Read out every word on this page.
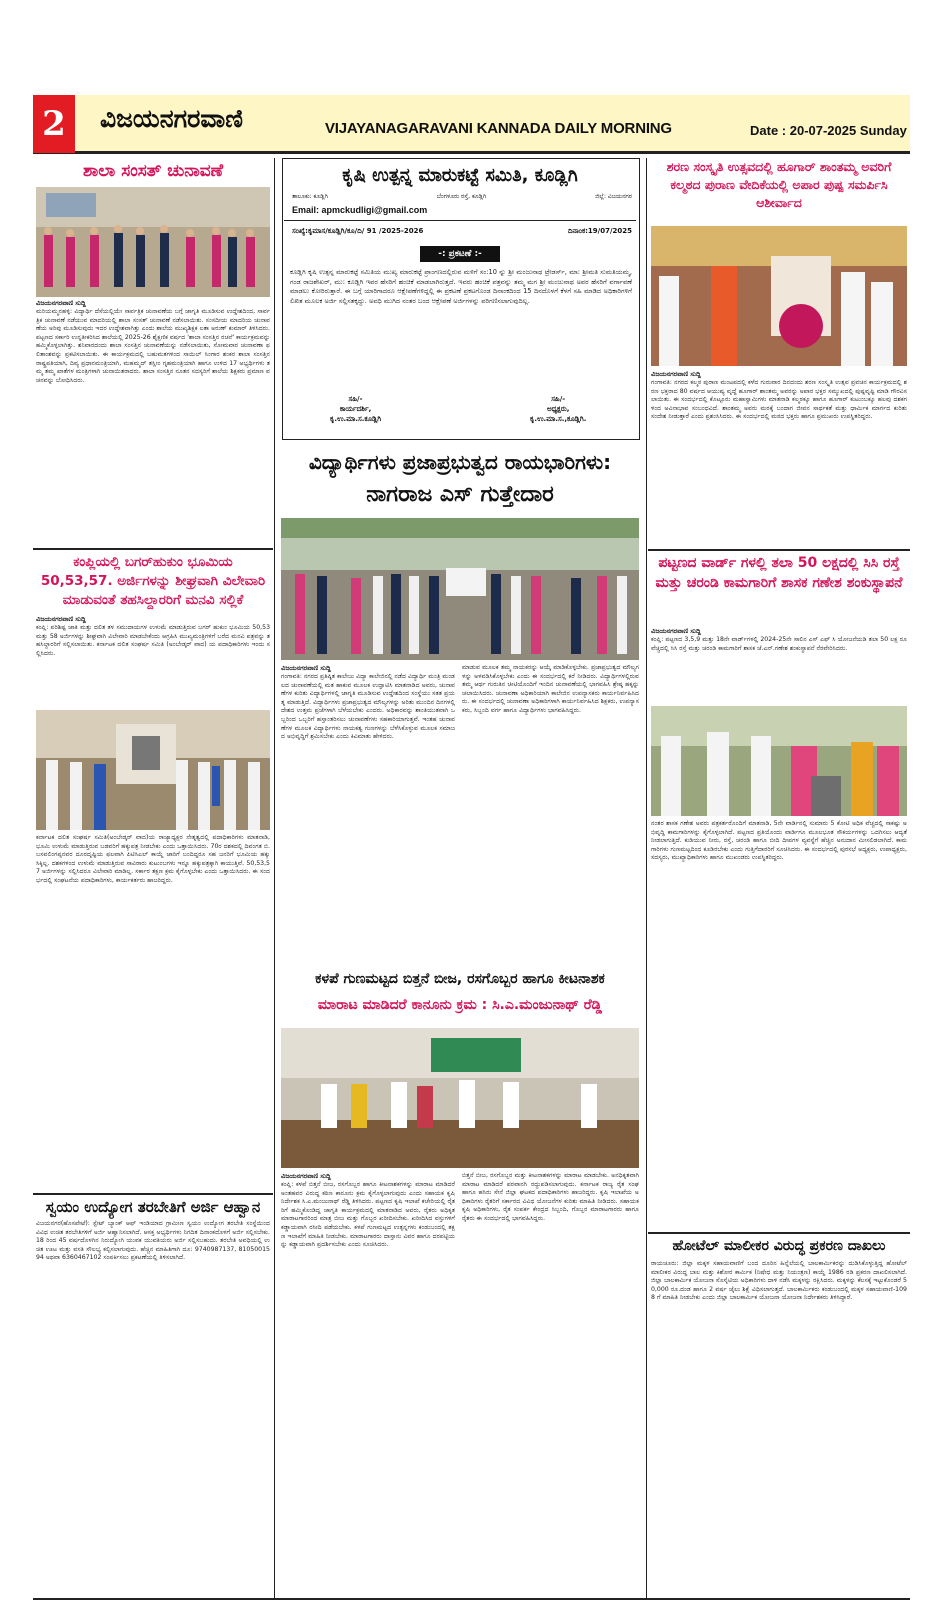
2	ವಿಜಯನಗರವಾಣಿ	VIJAYANAGARAVANI KANNADA DAILY MORNING	Date : 20-07-2025 Sunday
ಶಾಲಾ ಸಂಸತ್ ಚುನಾವಣೆ
ವಿಜಯನಗರವಾಣಿ ಸುದ್ದಿ
ಮರಿಯಮ್ಮನಹಳ್ಳಿ: ವಿದ್ಯಾರ್ಥಿ ದೆಸೆಯಲ್ಲಿಯೇ ಸಾರ್ವತ್ರಿಕ ಚುನಾವಣೆಯ ಬಗ್ಗೆ ಜಾಗೃತಿ ಮೂಡಿಸುವ ಉದ್ದೇಶದಿಂದ, ಸಾರ್ವತ್ರಿಕ ಚುನಾವಣೆ ನಡೆಯುವ ಮಾದರಿಯಲ್ಲಿ ಶಾಲಾ ಸಂಸತ್ ಚುನಾವಣೆ ನಡೆಸಲಾಯಿತು. ಸಂಸದೀಯ ಮಾದರಿಯ ಚುನಾವಣೆಯ ಅರಿವು ಮೂಡಿಸುವುದು ಇದರ ಉದ್ದೇಶವಾಗಿತ್ತು ಎಂದು ಶಾಲೆಯ ಮುಖ್ಯಶಿಕ್ಷಕ ಲತಾ ಅರುಣ್ ಕುಮಾರ್ ತಿಳಿಸಿದರು. ಪಟ್ಟಣದ ಸರ್ಕಾರಿ ಉನ್ನತೀಕರಿಸಿದ ಶಾಲೆಯಲ್ಲಿ 2025-26 ಶೈಕ್ಷಣಿಕ ವರ್ಷದ 'ಶಾಲಾ ಸಂಸತ್ತಿನ ರಚನೆ' ಕಾರ್ಯಕ್ರಮವನ್ನು ಹಮ್ಮಿಕೊಳ್ಳಲಾಗಿತ್ತು. ಶನಿವಾರದಂದು ಶಾಲಾ ಸಂಸತ್ತಿನ ಚುನಾವಣೆಯನ್ನು ನಡೆಸಲಾಯಿತು, ಸೋಮವಾರ ಚುನಾವಣಾ ಫಲಿತಾಂಶವನ್ನು ಪ್ರಕಟಿಸಲಾಯಿತು. ಈ ಕಾರ್ಯಕ್ರಮದಲ್ಲಿ ಬಹುಮತಗಳಿಂದ ಸಾಯಿಲ್ ಸಿಂಗಾರ ಶಂಕರ ಶಾಲಾ ಸಂಸತ್ತಿನ ರಾಷ್ಟ್ರಪತಿಯಾಗಿ, ದಿವ್ಯ ಪ್ರಧಾನಮಂತ್ರಿಯಾಗಿ, ಮಹಮ್ಮದ್ ತಸ್ಲೀಂ ಗೃಹಮಂತ್ರಿಯಾಗಿ ಹಾಗೂ ಉಳಿದ 17 ಅಭ್ಯರ್ಥಿಗಳು ತಮ್ಮ ತಮ್ಮ ಖಾತೆಗಳ ಮಂತ್ರಿಗಳಾಗಿ ಚುನಾಯಿತರಾದರು. ಶಾಲಾ ಸಂಸತ್ತಿನ ನೂತನ ಸದಸ್ಯರಿಗೆ ಶಾಲೆಯ ಶಿಕ್ಷಕರು ಪ್ರಮಾಣ ವಚನವನ್ನು ಬೋಧಿಸಿದರು.
ಕಂಪ್ಲಿಯಲ್ಲಿ ಬಗರ್‌ಹುಕುಂ ಭೂಮಿಯ 50,53,57. ಅರ್ಜಿಗಳನ್ನು ಶೀಘ್ರವಾಗಿ ವಿಲೇವಾರಿ ಮಾಡುವಂತೆ ತಹಸಿಲ್ದಾರರಿಗೆ ಮನವಿ ಸಲ್ಲಿಕೆ
ವಿಜಯನಗರವಾಣಿ ಸುದ್ದಿ
ಕಂಪ್ಲಿ: ಪರಿಶಿಷ್ಟ ಜಾತಿ ಮತ್ತು ದಲಿತ ತಳ ಸಮುದಾಯಗಳ ಉಳುಮೆ ಮಾಡುತ್ತಿರುವ ಬಗರ್ ಹುಕುಂ ಭೂಮಿಯ 50,53 ಮತ್ತು 58 ಅರ್ಜಿಗಳನ್ನು ಶೀಘ್ರವಾಗಿ ವಿಲೇವಾರಿ ಮಾಡಬೇಕೆಂದು ಆಗ್ರಹಿಸಿ ಮುಖ್ಯಮಂತ್ರಿಗಳಿಗೆ ಬರೆದ ಮನವಿ ಪತ್ರವನ್ನು ತಹಸಿಲ್ದಾರರಿಗೆ ಸಲ್ಲಿಸಲಾಯಿತು. ಕರ್ನಾಟಕ ದಲಿತ ಸಂಘರ್ಷ ಸಮಿತಿ (ಅಂಬೇಡ್ಕರ್ ವಾದ) ಯ ಪದಾಧಿಕಾರಿಗಳು ಇಂದು ಸಲ್ಲಿಸಿದರು.
ಕರ್ನಾಟಕ ದಲಿತ ಸಂಘರ್ಷ ಸಮಿತಿ(ಅಂಬೇಡ್ಕರ್ ವಾದ)ಯ ರಾಜ್ಯಾಧ್ಯಕ್ಷರ ನೇತೃತ್ವದಲ್ಲಿ ಪದಾಧಿಕಾರಿಗಳು ಮಾತನಾಡಿ, ಭೂಮಿ ಉಳುಮೆ ಮಾಡುತ್ತಿರುವ ಬಡವರಿಗೆ ಹಕ್ಕುಪತ್ರ ನೀಡಬೇಕು ಎಂದು ಒತ್ತಾಯಿಸಿದರು. 70ರ ದಶಕದಲ್ಲಿ ದಿವಂಗತ ಬಿ.ಬಸವಲಿಂಗಪ್ಪನವರ ದೂರದೃಷ್ಟಿಯ ಫಲವಾಗಿ ಪಿಟಿಸಿಎಲ್ ಕಾಯ್ದೆ ಜಾರಿಗೆ ಬಂದಿದ್ದರೂ ಸಹ ಜನರಿಗೆ ಭೂಮಿಯ ಹಕ್ಕು ಸಿಕ್ಕಿಲ್ಲ. ದಶಕಗಳಿಂದ ಉಳುಮೆ ಮಾಡುತ್ತಿರುವ ಸಾವಿರಾರು ಕುಟುಂಬಗಳು ಇನ್ನೂ ಹಕ್ಕುಪತ್ರಕ್ಕಾಗಿ ಕಾಯುತ್ತಿವೆ. 50,53,57 ಅರ್ಜಿಗಳನ್ನು ಸಲ್ಲಿಸಿದರೂ ವಿಲೇವಾರಿ ಮಾಡಿಲ್ಲ. ಸರ್ಕಾರ ತಕ್ಷಣ ಕ್ರಮ ಕೈಗೊಳ್ಳಬೇಕು ಎಂದು ಒತ್ತಾಯಿಸಿದರು. ಈ ಸಂದರ್ಭದಲ್ಲಿ ಸಂಘಟನೆಯ ಪದಾಧಿಕಾರಿಗಳು, ಕಾರ್ಯಕರ್ತರು ಹಾಜರಿದ್ದರು.
ಸ್ವಯಂ ಉದ್ಯೋಗ ತರಬೇತಿಗೆ ಅರ್ಜಿ ಆಹ್ವಾನ
ವಿಜಯನಗರ(ಹೊಸಪೇಟೆ): ಸ್ಟೇಟ್ ಬ್ಯಾಂಕ್ ಆಫ್ ಇಂಡಿಯಾದ ಗ್ರಾಮೀಣ ಸ್ವಯಂ ಉದ್ಯೋಗ ತರಬೇತಿ ಸಂಸ್ಥೆಯಿಂದ ವಿವಿಧ ಉಚಿತ ತರಬೇತಿಗಳಿಗೆ ಅರ್ಜಿ ಆಹ್ವಾನಿಸಲಾಗಿದೆ. ಆಸಕ್ತ ಅಭ್ಯರ್ಥಿಗಳು ನಿಗದಿತ ದಿನಾಂಕದೊಳಗೆ ಅರ್ಜಿ ಸಲ್ಲಿಸಬೇಕು. 18 ರಿಂದ 45 ವರ್ಷದೊಳಗಿನ ನಿರುದ್ಯೋಗಿ ಯುವಕ ಯುವತಿಯರು ಅರ್ಜಿ ಸಲ್ಲಿಸಬಹುದು. ತರಬೇತಿ ಅವಧಿಯಲ್ಲಿ ಉಚಿತ ಊಟ ಮತ್ತು ವಸತಿ ಸೌಲಭ್ಯ ಕಲ್ಪಿಸಲಾಗುವುದು. ಹೆಚ್ಚಿನ ಮಾಹಿತಿಗಾಗಿ ದೂ: 9740987137, 8105001594 ಅಥವಾ 6360467102 ಸಂಪರ್ಕಿಸಲು ಪ್ರಕಟಣೆಯಲ್ಲಿ ತಿಳಿಸಲಾಗಿದೆ.
ಕೃಷಿ ಉತ್ಪನ್ನ ಮಾರುಕಟ್ಟೆ ಸಮಿತಿ, ಕೂಡ್ಲಿಗಿ
ತಾಲೂಕು: ಕೂಡ್ಲಿಗಿ	ಬೆಂಗಳೂರು ರಸ್ತೆ, ಕೂಡ್ಲಿಗಿ	ಜಿಲ್ಲೆ: ವಿಜಯನಗರ
Email: apmckudligi@gmail.com
ಸಂಖ್ಯೆ:ಕೃಮಾಸ/ಕೂಡ್ಲಿಗಿ/ಕೂ/ದಿ/ 91 /2025-2026	ದಿನಾಂಕ:19/07/2025
-: ಪ್ರಕಟಣೆ :-
ಕೂಡ್ಲಿಗಿ ಕೃಷಿ ಉತ್ಪನ್ನ ಮಾರುಕಟ್ಟೆ ಸಮಿತಿಯ ಮುಖ್ಯ ಮಾರುಕಟ್ಟೆ ಪ್ರಾಂಗಣದಲ್ಲಿರುವ ಮಳಿಗೆ ಸಂ:10 ನ್ನು ಶ್ರೀ ಮಂಜುನಾಥ ಟ್ರೇಡರ್ಸ್, ಮಾ: ಶ್ರೀಮತಿ ಸುಮತಿಯಮ್ಮ, ಗಂಡ ರಾಜಶೇಖರ್, ಮು: ಕೂಡ್ಲಿಗಿ ಇವರ ಹೆಸರಿಗೆ ಹಂಚಿಕೆ ಮಾಡಲಾಗಿರುತ್ತದೆ. ಇವರು ಹಂಚಿಕೆ ಪತ್ರವನ್ನು ತಮ್ಮ ಮಗ ಶ್ರೀ ಮಂಜುನಾಥ ಅವರ ಹೆಸರಿಗೆ ವರ್ಗಾವಣೆ ಮಾಡಲು ಕೋರಿರುತ್ತಾರೆ. ಈ ಬಗ್ಗೆ ಯಾರಿಗಾದರೂ ಆಕ್ಷೇಪಣೆಗಳಿದ್ದಲ್ಲಿ ಈ ಪ್ರಕಟಣೆ ಪ್ರಕಟಗೊಂಡ ದಿನಾಂಕದಿಂದ 15 ದಿನದೊಳಗೆ ಕೆಳಗೆ ಸಹಿ ಮಾಡಿದ ಅಧಿಕಾರಿಗಳಿಗೆ ಲಿಖಿತ ಮೂಲಕ ಅರ್ಜಿ ಸಲ್ಲಿಸತಕ್ಕದ್ದು. ಅವಧಿ ಮುಗಿದ ನಂತರ ಬಂದ ಆಕ್ಷೇಪಣೆ ಅರ್ಜಿಗಳನ್ನು ಪರಿಗಣಿಸಲಾಗುವುದಿಲ್ಲ.
ಸಹಿ/-
ಕಾರ್ಯದರ್ಶಿ,
ಕೃ.ಉ.ಮಾ.ಸ.ಕೂಡ್ಲಿಗಿ
ಸಹಿ/-
ಅಧ್ಯಕ್ಷರು,
ಕೃ.ಉ.ಮಾ.ಸ.,ಕೂಡ್ಲಿಗಿ.
ವಿದ್ಯಾರ್ಥಿಗಳು ಪ್ರಜಾಪ್ರಭುತ್ವದ ರಾಯಭಾರಿಗಳು:
ನಾಗರಾಜ ಎಸ್ ಗುತ್ತೇದಾರ
ವಿಜಯನಗರವಾಣಿ ಸುದ್ದಿ
ಗಂಗಾವತಿ: ನಗರದ ಪ್ರತಿಷ್ಠಿತ ಕಾಲೇಜು ವಿದ್ಯಾ ಕಾಲೇಜಿನಲ್ಲಿ ನಡೆದ ವಿದ್ಯಾರ್ಥಿ ಮಂತ್ರಿ ಮಂಡಲದ ಚುನಾವಣೆಯಲ್ಲಿ ಮತ ಹಾಕುವ ಮೂಲಕ ಉದ್ಘಾಟಿಸಿ ಮಾತನಾಡಿದ ಅವರು, ಚುನಾವಣೆಗಳ ಕುರಿತು ವಿದ್ಯಾರ್ಥಿಗಳಲ್ಲಿ ಜಾಗೃತಿ ಮೂಡಿಸುವ ಉದ್ದೇಶದಿಂದ ಸಂಸ್ಥೆಯು ಸತತ ಪ್ರಯತ್ನ ಮಾಡುತ್ತಿದೆ. ವಿದ್ಯಾರ್ಥಿಗಳು ಪ್ರಜಾಪ್ರಭುತ್ವದ ಮೌಲ್ಯಗಳನ್ನು ಅರಿತು ಮುಂದಿನ ದಿನಗಳಲ್ಲಿ ದೇಶದ ಉತ್ತಮ ಪ್ರಜೆಗಳಾಗಿ ಬೆಳೆಯಬೇಕು ಎಂದರು. ಅಧಿಕಾರವನ್ನು ಶಾಂತಿಯುತವಾಗಿ ಒಬ್ಬರಿಂದ ಒಬ್ಬರಿಗೆ ಹಸ್ತಾಂತರಿಸಲು ಚುನಾವಣೆಗಳು ಸಹಕಾರಿಯಾಗುತ್ತವೆ. ಇಂತಹ ಚುನಾವಣೆಗಳ ಮೂಲಕ ವಿದ್ಯಾರ್ಥಿಗಳು ನಾಯಕತ್ವ ಗುಣಗಳನ್ನು ಬೆಳೆಸಿಕೊಳ್ಳುವ ಮೂಲಕ ಸಮಾಜದ ಅಭಿವೃದ್ಧಿಗೆ ಶ್ರಮಿಸಬೇಕು ಎಂದು ಕಿವಿಮಾತು ಹೇಳಿದರು.
ಮಾಡುವ ಮೂಲಕ ತಮ್ಮ ನಾಯಕರನ್ನು ಆಯ್ಕೆ ಮಾಡಿಕೊಳ್ಳಬೇಕು. ಪ್ರಜಾಪ್ರಭುತ್ವದ ಮೌಲ್ಯಗಳನ್ನು ಅಳವಡಿಸಿಕೊಳ್ಳಬೇಕು ಎಂದು ಈ ಸಂದರ್ಭದಲ್ಲಿ ಕರೆ ನೀಡಿದರು. ವಿದ್ಯಾರ್ಥಿಗಳಲ್ಲಿರುವ ತಮ್ಮ ಆರ್ಥ ಗುರುತಿನ ಚೀಟಿಯೊಂದಿಗೆ ಇಂದಿನ ಚುನಾವಣೆಯಲ್ಲಿ ಭಾಗವಹಿಸಿ ಶ್ರೇಷ್ಠ ಹಕ್ಕನ್ನು ಚಲಾಯಿಸಿದರು. ಚುನಾವಣಾ ಅಧಿಕಾರಿಯಾಗಿ ಕಾಲೇಜಿನ ಉಪನ್ಯಾಸಕರು ಕಾರ್ಯನಿರ್ವಹಿಸಿದರು. ಈ ಸಂದರ್ಭದಲ್ಲಿ ಚುನಾವಣಾ ಅಧಿಕಾರಿಗಳಾಗಿ ಕಾರ್ಯನಿರ್ವಹಿಸಿದ ಶಿಕ್ಷಕರು, ಉಪನ್ಯಾಸಕರು, ಸಿಬ್ಬಂದಿ ವರ್ಗ ಹಾಗೂ ವಿದ್ಯಾರ್ಥಿಗಳು ಭಾಗವಹಿಸಿದ್ದರು.
ಕಳಪೆ ಗುಣಮಟ್ಟದ ಬಿತ್ತನೆ ಬೀಜ, ರಸಗೊಬ್ಬರ ಹಾಗೂ ಕೀಟನಾಶಕ
ಮಾರಾಟ ಮಾಡಿದರೆ ಕಾನೂನು ಕ್ರಮ : ಸಿ.ಎ.ಮಂಜುನಾಥ್ ರೆಡ್ಡಿ
ವಿಜಯನಗರವಾಣಿ ಸುದ್ದಿ
ಕಂಪ್ಲಿ: ಕಳಪೆ ಬಿತ್ತನೆ ಬೀಜ, ರಸಗೊಬ್ಬರ ಹಾಗೂ ಕೀಟನಾಶಕಗಳನ್ನು ಮಾರಾಟ ಮಾಡಿದರೆ ಅಂತಹವರ ವಿರುದ್ಧ ಕಠಿಣ ಕಾನೂನು ಕ್ರಮ ಕೈಗೊಳ್ಳಲಾಗುವುದು ಎಂದು ಸಹಾಯಕ ಕೃಷಿ ನಿರ್ದೇಶಕ ಸಿ.ಎ.ಮಂಜುನಾಥ್ ರೆಡ್ಡಿ ತಿಳಿಸಿದರು. ಪಟ್ಟಣದ ಕೃಷಿ ಇಲಾಖೆ ಕಚೇರಿಯಲ್ಲಿ ರೈತರಿಗೆ ಹಮ್ಮಿಕೊಂಡಿದ್ದ ಜಾಗೃತಿ ಕಾರ್ಯಕ್ರಮದಲ್ಲಿ ಮಾತನಾಡಿದ ಅವರು, ರೈತರು ಅಧಿಕೃತ ಮಾರಾಟಗಾರರಿಂದ ಮಾತ್ರ ಬೀಜ ಮತ್ತು ಗೊಬ್ಬರ ಖರೀದಿಸಬೇಕು. ಖರೀದಿಸಿದ ವಸ್ತುಗಳಿಗೆ ಕಡ್ಡಾಯವಾಗಿ ರಸೀದಿ ಪಡೆಯಬೇಕು. ಕಳಪೆ ಗುಣಮಟ್ಟದ ಉತ್ಪನ್ನಗಳು ಕಂಡುಬಂದಲ್ಲಿ ತಕ್ಷಣ ಇಲಾಖೆಗೆ ಮಾಹಿತಿ ನೀಡಬೇಕು. ಮಾರಾಟಗಾರರು ದಾಸ್ತಾನು ವಿವರ ಹಾಗೂ ದರಪಟ್ಟಿಯನ್ನು ಕಡ್ಡಾಯವಾಗಿ ಪ್ರದರ್ಶಿಸಬೇಕು ಎಂದು ಸೂಚಿಸಿದರು.
ಬಿತ್ತನೆ ಬೀಜ, ರಸಗೊಬ್ಬರ ಮತ್ತು ಕೀಟನಾಶಕಗಳನ್ನು ಮಾರಾಟ ಮಾಡಬೇಕು. ಅನಧಿಕೃತವಾಗಿ ಮಾರಾಟ ಮಾಡಿದರೆ ಪರವಾನಗಿ ರದ್ದುಪಡಿಸಲಾಗುವುದು. ಕರ್ನಾಟಕ ರಾಜ್ಯ ರೈತ ಸಂಘ ಹಾಗೂ ಹಸಿರು ಸೇನೆ ಜಿಲ್ಲಾ ಘಟಕದ ಪದಾಧಿಕಾರಿಗಳು ಹಾಜರಿದ್ದರು. ಕೃಷಿ ಇಲಾಖೆಯ ಅಧಿಕಾರಿಗಳು ರೈತರಿಗೆ ಸರ್ಕಾರದ ವಿವಿಧ ಯೋಜನೆಗಳ ಕುರಿತು ಮಾಹಿತಿ ನೀಡಿದರು. ಸಹಾಯಕ ಕೃಷಿ ಅಧಿಕಾರಿಗಳು, ರೈತ ಸಂಪರ್ಕ ಕೇಂದ್ರದ ಸಿಬ್ಬಂದಿ, ಗೊಬ್ಬರ ಮಾರಾಟಗಾರರು ಹಾಗೂ ರೈತರು ಈ ಸಂದರ್ಭದಲ್ಲಿ ಭಾಗವಹಿಸಿದ್ದರು.
ಶರಣ ಸಂಸ್ಕೃತಿ ಉತ್ಸವದಲ್ಲಿ ಹೂಗಾರ್ ಶಾಂತಮ್ಮ ಅವರಿಗೆ ಕಲ್ಮಠದ ಪುರಾಣ ವೇದಿಕೆಯಲ್ಲಿ ಅಪಾರ ಪುಷ್ಪ ಸಮರ್ಪಿಸಿ ಆಶೀರ್ವಾದ
ವಿಜಯನಗರವಾಣಿ ಸುದ್ದಿ
ಗಂಗಾವತಿ: ನಗರದ ಕಲ್ಮಠ ಪುರಾಣ ಮಂಟಪದಲ್ಲಿ ಕಳೆದ ಗುರುವಾರ ದಿನದಂದು ಶರಣ ಸಂಸ್ಕೃತಿ ಉತ್ಸವ ಪ್ರವಚನ ಕಾರ್ಯಕ್ರಮದಲ್ಲಿ ಶರಣ ಭಕ್ತರಾದ 80 ವರ್ಷದ ಆಯುಷ್ಯ ವೃದ್ಧೆ ಹೂಗಾರ್ ಶಾಂತಮ್ಮ ಅವರನ್ನು ಅಪಾರ ಭಕ್ತರ ಸಮ್ಮುಖದಲ್ಲಿ ಪುಷ್ಪವೃಷ್ಟಿ ಮಾಡಿ ಗೌರವಿಸಲಾಯಿತು. ಈ ಸಂದರ್ಭದಲ್ಲಿ ಕೊಟ್ಟೂರು ಮಹಾಸ್ವಾಮಿಗಳು ಮಾತನಾಡಿ ಕಲ್ಮಠಕ್ಕೂ ಹಾಗೂ ಹೂಗಾರ್ ಕುಟುಂಬಕ್ಕೂ ಹಲವು ದಶಕಗಳಿಂದ ಅವಿನಾಭಾವ ಸಂಬಂಧವಿದೆ. ಶಾಂತಮ್ಮ ಅವರು ಮಠಕ್ಕೆ ಬಂದಾಗ ಜೀವನ ಸಾರ್ಥಕತೆ ಮತ್ತು ಧಾರ್ಮಿಕ ಮಾರ್ಗದ ಕುರಿತು ಸಂದೇಶ ನೀಡುತ್ತಾರೆ ಎಂದು ಪ್ರಶಂಸಿಸಿದರು. ಈ ಸಂದರ್ಭದಲ್ಲಿ ಮಠದ ಭಕ್ತರು ಹಾಗೂ ಪ್ರಮುಖರು ಉಪಸ್ಥಿತರಿದ್ದರು.
ಪಟ್ಟಣದ ವಾರ್ಡ್ ಗಳಲ್ಲಿ ತಲಾ 50 ಲಕ್ಷದಲ್ಲಿ ಸಿಸಿ ರಸ್ತೆ ಮತ್ತು ಚರಂಡಿ ಕಾಮಗಾರಿಗೆ ಶಾಸಕ ಗಣೇಶ ಶಂಕುಸ್ಥಾಪನೆ
ವಿಜಯನಗರವಾಣಿ ಸುದ್ದಿ
ಕಂಪ್ಲಿ: ಪಟ್ಟಣದ 3,5,9 ಮತ್ತು 18ನೇ ವಾರ್ಡ್‌ಗಳಲ್ಲಿ 2024-25ನೇ ಸಾಲಿನ ಎಸ್ ಎಫ್ ಸಿ ಯೋಜನೆಯಡಿ ತಲಾ 50 ಲಕ್ಷ ರೂ ವೆಚ್ಚದಲ್ಲಿ ಸಿಸಿ ರಸ್ತೆ ಮತ್ತು ಚರಂಡಿ ಕಾಮಗಾರಿಗೆ ಶಾಸಕ ಜೆ.ಎನ್.ಗಣೇಶ ಶಂಕುಸ್ಥಾಪನೆ ನೆರವೇರಿಸಿದರು.
ನಂತರ ಶಾಸಕ ಗಣೇಶ ಅವರು ಪತ್ರಕರ್ತರೊಂದಿಗೆ ಮಾತನಾಡಿ, 5ನೇ ವಾರ್ಡಿನಲ್ಲಿ ಸುಮಾರು 5 ಕೋಟಿ ಅಧಿಕ ವೆಚ್ಚದಲ್ಲಿ ಸಾಕಷ್ಟು ಅಭಿವೃದ್ಧಿ ಕಾಮಗಾರಿಗಳನ್ನು ಕೈಗೊಳ್ಳಲಾಗಿದೆ. ಪಟ್ಟಣದ ಪ್ರತಿಯೊಂದು ವಾರ್ಡಿಗೂ ಮೂಲಭೂತ ಸೌಕರ್ಯಗಳನ್ನು ಒದಗಿಸಲು ಆದ್ಯತೆ ನೀಡಲಾಗುತ್ತಿದೆ. ಕುಡಿಯುವ ನೀರು, ರಸ್ತೆ, ಚರಂಡಿ ಹಾಗೂ ಬೀದಿ ದೀಪಗಳ ವ್ಯವಸ್ಥೆಗೆ ಹೆಚ್ಚಿನ ಅನುದಾನ ಮೀಸಲಿಡಲಾಗಿದೆ. ಕಾಮಗಾರಿಗಳು ಗುಣಮಟ್ಟದಿಂದ ಕೂಡಿರಬೇಕು ಎಂದು ಗುತ್ತಿಗೆದಾರರಿಗೆ ಸೂಚಿಸಿದರು. ಈ ಸಂದರ್ಭದಲ್ಲಿ ಪುರಸಭೆ ಅಧ್ಯಕ್ಷರು, ಉಪಾಧ್ಯಕ್ಷರು, ಸದಸ್ಯರು, ಮುಖ್ಯಾಧಿಕಾರಿಗಳು ಹಾಗೂ ಮುಖಂಡರು ಉಪಸ್ಥಿತರಿದ್ದರು.
ಹೋಟೆಲ್ ಮಾಲೀಕರ ವಿರುದ್ಧ ಪ್ರಕರಣ ದಾಖಲು
ರಾಯಚೂರು: ಜಿಲ್ಲಾ ಮಕ್ಕಳ ಸಹಾಯವಾಣಿಗೆ ಬಂದ ದೂರಿನ ಹಿನ್ನೆಲೆಯಲ್ಲಿ ಬಾಲಕಾರ್ಮಿಕರನ್ನು ದುಡಿಸಿಕೊಳ್ಳುತ್ತಿದ್ದ ಹೋಟೆಲ್ ಮಾಲೀಕರ ವಿರುದ್ಧ ಬಾಲ ಮತ್ತು ಕಿಶೋರ ಕಾರ್ಮಿಕ (ನಿಷೇಧ ಮತ್ತು ನಿಯಂತ್ರಣ) ಕಾಯ್ದೆ 1986 ರಡಿ ಪ್ರಕರಣ ದಾಖಲಿಸಲಾಗಿದೆ. ಜಿಲ್ಲಾ ಬಾಲಕಾರ್ಮಿಕ ಯೋಜನಾ ಸೊಸೈಟಿಯ ಅಧಿಕಾರಿಗಳು ದಾಳಿ ನಡೆಸಿ ಮಕ್ಕಳನ್ನು ರಕ್ಷಿಸಿದರು. ಮಕ್ಕಳನ್ನು ಕೆಲಸಕ್ಕೆ ಇಟ್ಟುಕೊಂಡರೆ 50,000 ರೂ.ದಂಡ ಹಾಗೂ 2 ವರ್ಷ ಜೈಲು ಶಿಕ್ಷೆ ವಿಧಿಸಲಾಗುತ್ತದೆ. ಬಾಲಕಾರ್ಮಿಕರು ಕಂಡುಬಂದಲ್ಲಿ ಮಕ್ಕಳ ಸಹಾಯವಾಣಿ-1098 ಗೆ ಮಾಹಿತಿ ನೀಡಬೇಕು ಎಂದು ಜಿಲ್ಲಾ ಬಾಲಕಾರ್ಮಿಕ ಯೋಜನಾ ಯೋಜನಾ ನಿರ್ದೇಶಕರು ತಿಳಿಸಿದ್ದಾರೆ.
